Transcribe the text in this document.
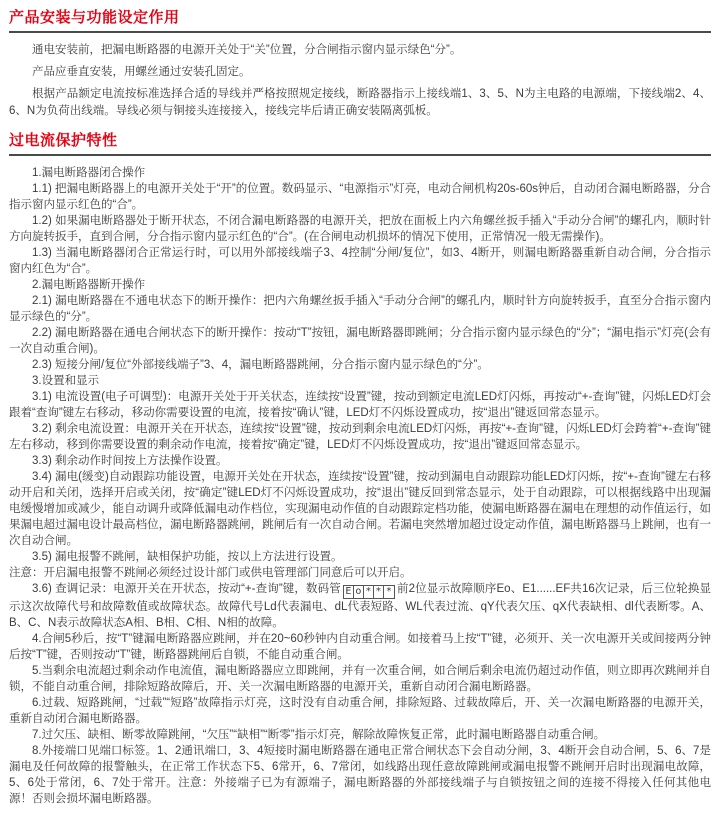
产品安装与功能设定作用

通电安装前，把漏电断路器的电源开关处于“关”位置，分合闸指示窗内显示绿色“分”。

产品应垂直安装，用螺丝通过安装孔固定。

根据产品额定电流按标准选择合适的导线并严格按照规定接线，断路器指示上接线端1、3、5、N为主电路的电源端，下接线端2、4、6、N为负荷出线端。导线必须与铜接头连接接入，接线完毕后请正确安装隔离弧板。

过电流保护特性

1.漏电断路器闭合操作

1.1) 把漏电断路器上的电源开关处于“开”的位置。数码显示、“电源指示”灯亮，电动合闸机构20s-60s钟后，自动闭合漏电断路器，分合指示窗内显示红色的“合”。

1.2) 如果漏电断路器处于断开状态，不闭合漏电断路器的电源开关，把放在面板上内六角螺丝扳手插入“手动分合闸”的螺孔内，顺时针方向旋转扳手，直到合闸，分合指示窗内显示红色的“合”。(在合闸电动机损坏的情况下使用，正常情况一般无需操作)。

1.3) 当漏电断路器闭合正常运行时，可以用外部接线端子3、4控制“分闸/复位”，如3、4断开，则漏电断路器重新自动合闸，分合指示窗内红色为“合”。

2.漏电断路器断开操作

2.1) 漏电断路器在不通电状态下的断开操作：把内六角螺丝扳手插入“手动分合闸”的螺孔内，顺时针方向旋转扳手，直至分合指示窗内显示绿色的“分”。

2.2) 漏电断路器在通电合闸状态下的断开操作：按动“T”按钮，漏电断路器即跳闸；分合指示窗内显示绿色的“分”；“漏电指示”灯亮(会有一次自动重合闸)。

2.3) 短接分闸/复位“外部接线端子”3、4，漏电断路器跳闸，分合指示窗内显示绿色的“分”。

3.设置和显示

3.1) 电流设置(电子可调型)：电源开关处于开关状态，连续按“设置”键，按动到额定电流LED灯闪烁，再按动“+-查询”键，闪烁LED灯会跟着“查询”键左右移动，移动你需要设置的电流，接着按“确认”键，LED灯不闪烁设置成功，按“退出”键返回常态显示。

3.2) 剩余电流设置：电源开关在开状态，连续按“设置”键，按动到剩余电流LED灯闪烁，再按“+-查询”键，闪烁LED灯会跨着“+-查询”键左右移动，移到你需要设置的剩余动作电流，接着按“确定”键，LED灯不闪烁设置成功，按“退出”键返回常态显示。

3.3) 剩余动作时间按上方法操作设置。

3.4) 漏电(缓变)自动跟踪功能设置，电源开关处在开状态，连续按“设置”键，按动到漏电自动跟踪功能LED灯闪烁，按“+-查询”键左右移动开启和关闭，选择开启或关闭，按“确定”键LED灯不闪烁设置成功，按“退出”键反回到常态显示，处于自动跟踪，可以根据线路中出现漏电缓慢增加或减少，能自动调升或降低漏电动作档位，实现漏电动作值的自动跟踪定档功能，使漏电断路器在漏电在理想的动作值运行，如果漏电超过漏电设计最高档位，漏电断路器跳闸，跳闸后有一次自动合闸。若漏电突然增加超过设定动作值，漏电断路器马上跳闸，也有一次自动合闸。

3.5) 漏电报警不跳闸，缺相保护功能，按以上方法进行设置。

注意：开启漏电报警不跳闸必须经过设计部门或供电管理部门同意后可以开启。

3.6) 查调记录：电源开关在开状态，按动“+-查询”键，数码管 E o * * * 前2位显示故障顺序Eo、E1......EF共16次记录，后三位轮换显示这次故障代号和故障数值或故障状态。故障代号Ld代表漏电、dL代表短路、WL代表过流、qY代表欠压、qX代表缺相、dl代表断零。A、B、C、N表示故障状态A相、B相、C相、N相的故障。

4.合闸5秒后，按“T”键漏电断路器应跳闸，并在20~60秒钟内自动重合闸。如接着马上按“T”键，必须开、关一次电源开关或间接两分钟后按“T”键，否则按动“T”键，断路器跳闸后自锁，不能自动重合闸。

5.当剩余电流超过剩余动作电流值，漏电断路器应立即跳闸，并有一次重合闸，如合闸后剩余电流仍超过动作值，则立即再次跳闸并自锁，不能自动重合闸，排除短路故障后，开、关一次漏电断路器的电源开关，重新自动闭合漏电断路器。

6.过载、短路跳闸，“过载”“短路”故障指示灯亮，这时没有自动重合闸，排除短路、过载故障后，开、关一次漏电断路器的电源开关，重新自动闭合漏电断路器。

7.过欠压、缺相、断零故障跳闸，“欠压”“缺相”“断零”指示灯亮，解除故障恢复正常，此时漏电断路器自动重合闸。

8.外接端口见端口标签。1、2通讯端口，3、4短接时漏电断路器在通电正常合闸状态下会自动分闸，3、4断开会自动合闸，5、6、7是漏电及任何故障的报警触头，在正常工作状态下5、6常开，6、7常闭，如线路出现任意故障跳闸或漏电报警不跳闸开启时出现漏电故障，5、6处于常闭，6、7处于常开。注意：外接端子已为有源端子，漏电断路器的外部接线端子与自锁按钮之间的连接不得接入任何其他电源！否则会损坏漏电断路器。
